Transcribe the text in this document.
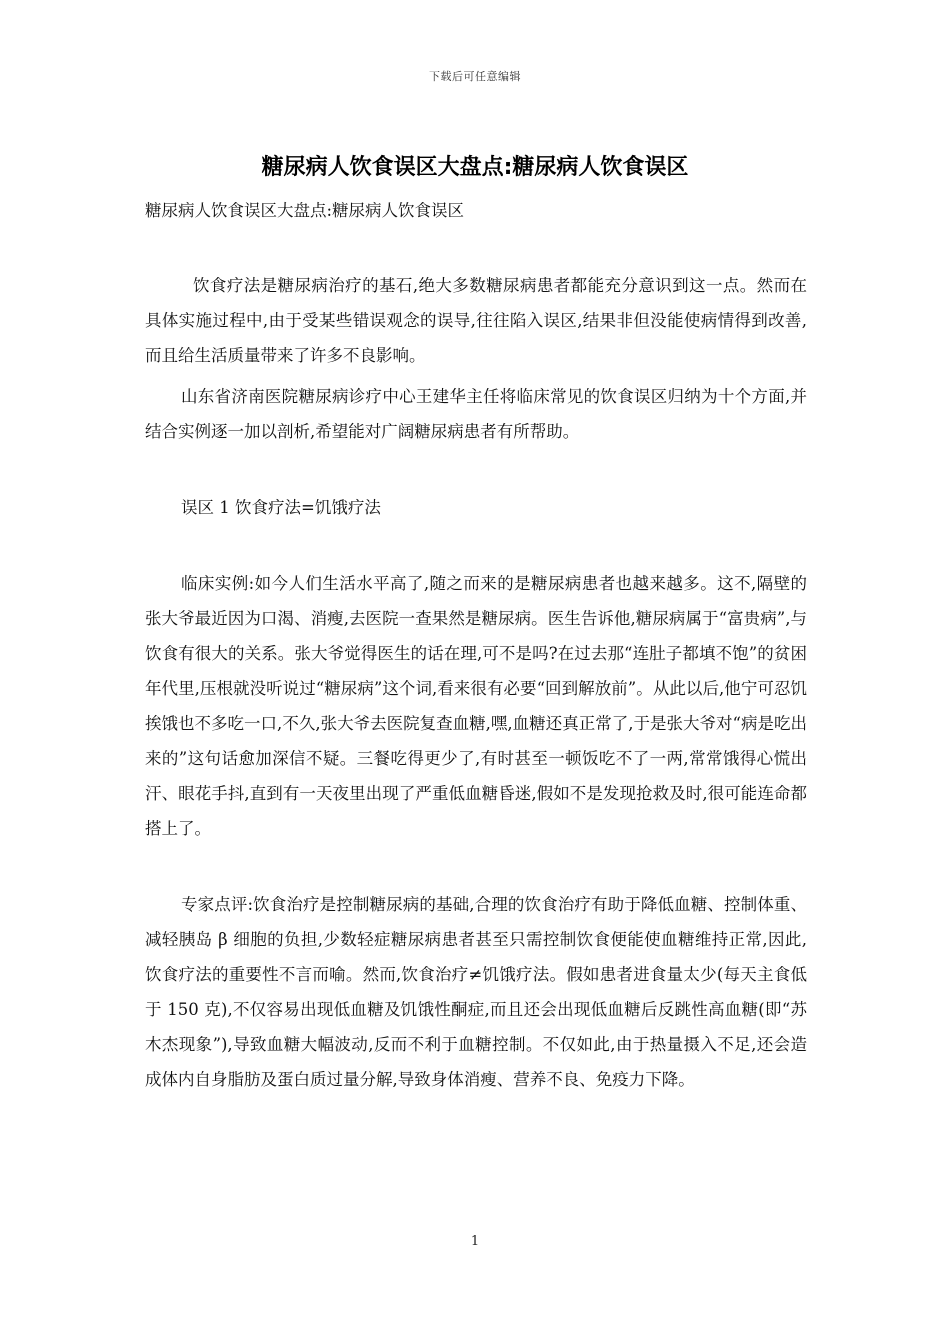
下载后可任意编辑
糖尿病人饮食误区大盘点:糖尿病人饮食误区

糖尿病人饮食误区大盘点:糖尿病人饮食误区

饮食疗法是糖尿病治疗的基石,绝大多数糖尿病患者都能充分意识到这一点。然而在具体实施过程中,由于受某些错误观念的误导,往往陷入误区,结果非但没能使病情得到改善,而且给生活质量带来了许多不良影响。

山东省济南医院糖尿病诊疗中心王建华主任将临床常见的饮食误区归纳为十个方面,并结合实例逐一加以剖析,希望能对广阔糖尿病患者有所帮助。

误区 1 饮食疗法=饥饿疗法

临床实例:如今人们生活水平高了,随之而来的是糖尿病患者也越来越多。这不,隔壁的张大爷最近因为口渴、消瘦,去医院一查果然是糖尿病。医生告诉他,糖尿病属于“富贵病”,与饮食有很大的关系。张大爷觉得医生的话在理,可不是吗?在过去那“连肚子都填不饱”的贫困年代里,压根就没听说过“糖尿病”这个词,看来很有必要“回到解放前”。从此以后,他宁可忍饥挨饿也不多吃一口,不久,张大爷去医院复查血糖,嘿,血糖还真正常了,于是张大爷对“病是吃出来的”这句话愈加深信不疑。三餐吃得更少了,有时甚至一顿饭吃不了一两,常常饿得心慌出汗、眼花手抖,直到有一天夜里出现了严重低血糖昏迷,假如不是发现抢救及时,很可能连命都搭上了。

专家点评:饮食治疗是控制糖尿病的基础,合理的饮食治疗有助于降低血糖、控制体重、减轻胰岛 β 细胞的负担,少数轻症糖尿病患者甚至只需控制饮食便能使血糖维持正常,因此,饮食疗法的重要性不言而喻。然而,饮食治疗≠饥饿疗法。假如患者进食量太少(每天主食低于 150 克),不仅容易出现低血糖及饥饿性酮症,而且还会出现低血糖后反跳性高血糖(即“苏木杰现象”),导致血糖大幅波动,反而不利于血糖控制。不仅如此,由于热量摄入不足,还会造成体内自身脂肪及蛋白质过量分解,导致身体消瘦、营养不良、免疫力下降。

1
